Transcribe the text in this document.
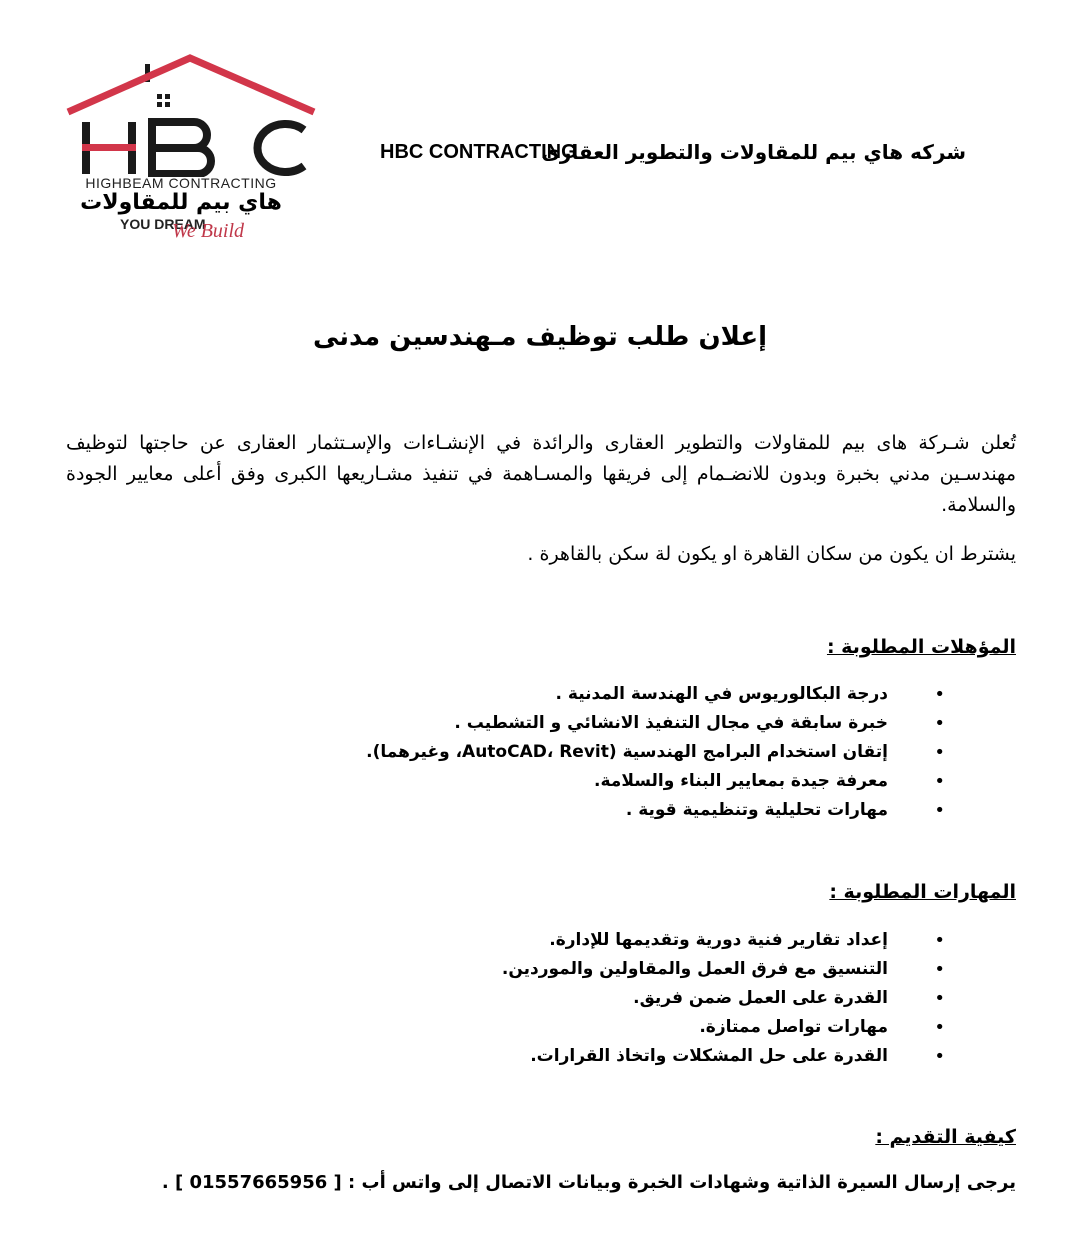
HIGHBEAM CONTRACTING
هاي بيم للمقاولات
YOU DREAM
We Build
شركه هاي بيم للمقاولات والتطوير العقارى
HBC CONTRACTING
إعلان طلب توظيف مـهندسين مدنى
تُعلن شـركة هاى بيم للمقاولات والتطوير العقارى والرائدة في الإنشـاءات والإسـتثمار العقارى عن حاجتها لتوظيف مهندسـين مدني بخبرة وبدون للانضـمام إلى فريقها والمسـاهمة في تنفيذ مشـاريعها الكبرى وفق أعلى معايير الجودة والسلامة.
يشترط ان يكون من سكان القاهرة او يكون لة سكن بالقاهرة .
المؤهلات المطلوبة :
•
درجة البكالوريوس في الهندسة المدنية .
•
خبرة سابقة في مجال التنفيذ الانشائي و التشطيب .
•
إتقان استخدام البرامج الهندسية (AutoCAD، Revit، وغيرهما).
•
معرفة جيدة بمعايير البناء والسلامة.
•
مهارات تحليلية وتنظيمية قوية .
المهارات المطلوبة :
•
إعداد تقارير فنية دورية وتقديمها للإدارة.
•
التنسيق مع فرق العمل والمقاولين والموردين.
•
القدرة على العمل ضمن فريق.
•
مهارات تواصل ممتازة.
•
القدرة على حل المشكلات واتخاذ القرارات.
كيفية التقديم :
يرجى إرسال السيرة الذاتية وشهادات الخبرة وبيانات الاتصال إلى واتس أب : [ 01557665956 ] .
